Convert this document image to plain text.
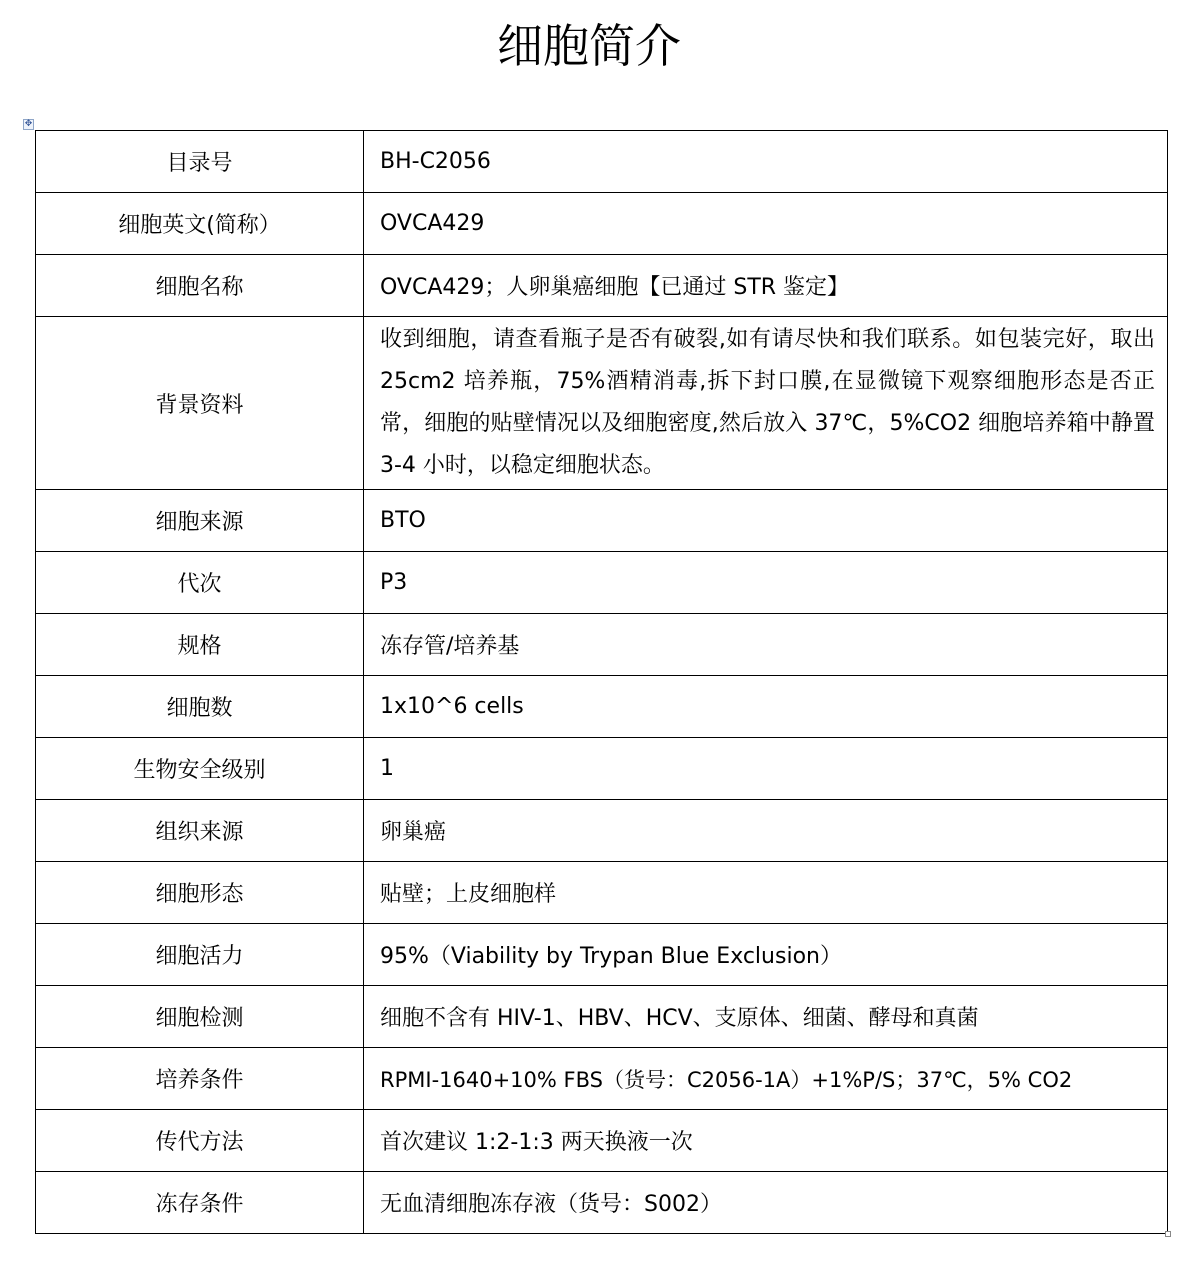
细胞简介
✥
目录号	BH-C2056
细胞英文(简称）	OVCA429
细胞名称	OVCA429；人卵巢癌细胞【已通过 STR 鉴定】
背景资料	收到细胞，请查看瓶子是否有破裂,如有请尽快和我们联系。如包装完好，取出 25cm2 培养瓶，75%酒精消毒,拆下封口膜,在显微镜下观察细胞形态是否正常，细胞的贴壁情况以及细胞密度,然后放入 37℃，5%CO2 细胞培养箱中静置 3-4 小时，以稳定细胞状态。
细胞来源	BTO
代次	P3
规格	冻存管/培养基
细胞数	1x10^6 cells
生物安全级别	1
组织来源	卵巢癌
细胞形态	贴壁；上皮细胞样
细胞活力	95%（Viability by Trypan Blue Exclusion）
细胞检测	细胞不含有 HIV-1、HBV、HCV、支原体、细菌、酵母和真菌
培养条件	RPMI-1640+10% FBS（货号：C2056-1A）+1%P/S；37℃，5% CO2
传代方法	首次建议 1:2-1:3 两天换液一次
冻存条件	无血清细胞冻存液（货号：S002）
